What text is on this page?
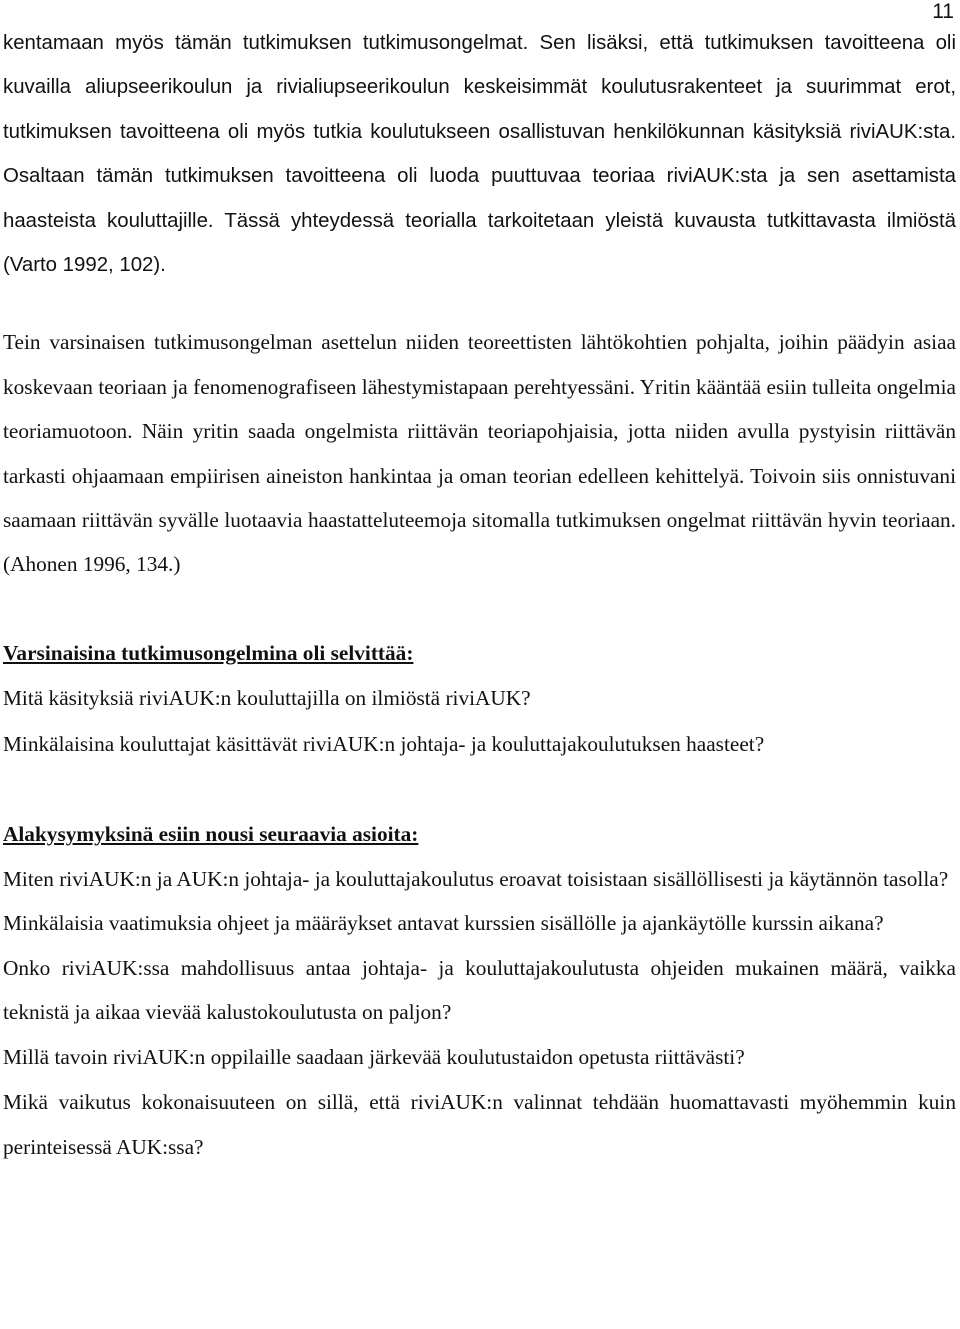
11

kentamaan myös tämän tutkimuksen tutkimusongelmat. Sen lisäksi, että tutkimuksen tavoitteena oli kuvailla aliupseerikoulun ja rivialiupseerikoulun keskeisimmät koulutusrakenteet ja suurimmat erot, tutkimuksen tavoitteena oli myös tutkia koulutukseen osallistuvan henkilökunnan käsityksiä riviAUK:sta. Osaltaan tämän tutkimuksen tavoitteena oli luoda puuttuvaa teoriaa riviAUK:sta ja sen asettamista haasteista kouluttajille. Tässä yhteydessä teorialla tarkoitetaan yleistä kuvausta tutkittavasta ilmiöstä (Varto 1992, 102).

Tein varsinaisen tutkimusongelman asettelun niiden teoreettisten lähtökohtien pohjalta, joihin päädyin asiaa koskevaan teoriaan ja fenomenografiseen lähestymistapaan perehtyessäni. Yritin kääntää esiin tulleita ongelmia teoriamuotoon. Näin yritin saada ongelmista riittävän teoriapohjaisia, jotta niiden avulla pystyisin riittävän tarkasti ohjaamaan empiirisen aineiston hankintaa ja oman teorian edelleen kehittelyä. Toivoin siis onnistuvani saamaan riittävän syvälle luotaavia haastatteluteemoja sitomalla tutkimuksen ongelmat riittävän hyvin teoriaan. (Ahonen 1996, 134.)

Varsinaisina tutkimusongelmina oli selvittää:

Mitä käsityksiä riviAUK:n kouluttajilla on ilmiöstä riviAUK?

Minkälaisina kouluttajat käsittävät riviAUK:n johtaja- ja kouluttajakoulutuksen haasteet?

Alakysymyksinä esiin nousi seuraavia asioita:

Miten riviAUK:n ja AUK:n johtaja- ja kouluttajakoulutus eroavat toisistaan sisällöllisesti ja käytännön tasolla?

Minkälaisia vaatimuksia ohjeet ja määräykset antavat kurssien sisällölle ja ajankäytölle kurssin aikana?

Onko riviAUK:ssa mahdollisuus antaa johtaja- ja kouluttajakoulutusta ohjeiden mukainen määrä, vaikka teknistä ja aikaa vievää kalustokoulutusta on paljon?

Millä tavoin riviAUK:n oppilaille saadaan järkevää koulutustaidon opetusta riittävästi?

Mikä vaikutus kokonaisuuteen on sillä, että riviAUK:n valinnat tehdään huomattavasti myöhemmin kuin perinteisessä AUK:ssa?
